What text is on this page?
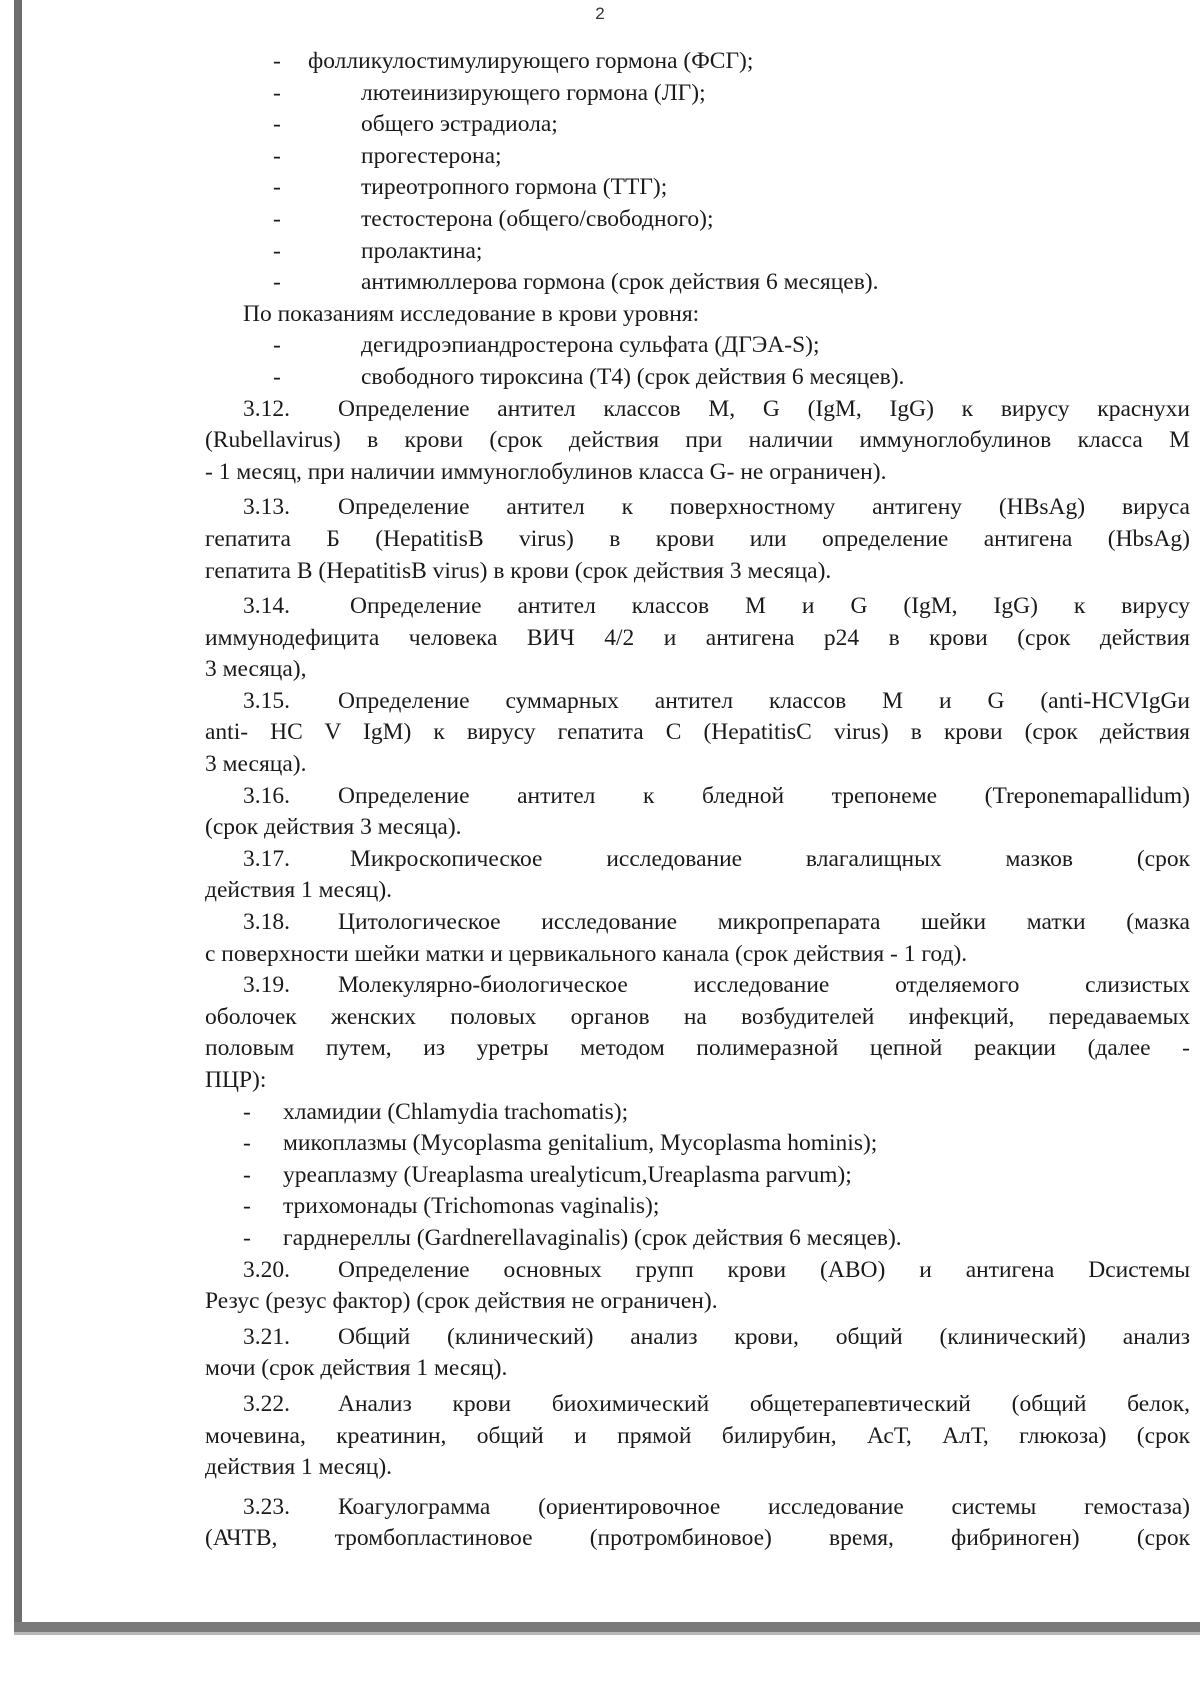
2
- фолликулостимулирующего гормона (ФСГ);
-	лютеинизирующего гормона (ЛГ);
-	общего эстрадиола;
-	прогестерона;
-	тиреотропного гормона (ТТГ);
-	тестостерона (общего/свободного);
-	пролактина;
-	антимюллерова гормона (срок действия 6 месяцев).
По показаниям исследование в крови уровня:
-	дегидроэпиандростерона сульфата (ДГЭА-S);
-	свободного тироксина (Т4) (срок действия 6 месяцев).
3.12. Определение антител классов M, G (IgM, IgG) к вирусу краснухи
(Rubellavirus) в крови (срок действия при наличии иммуноглобулинов класса М
- 1 месяц, при наличии иммуноглобулинов класса G- не ограничен).
3.13. Определение антител к поверхностному антигену (HBsAg) вируса
гепатита Б (HepatitisB virus) в крови или определение антигена (HbsAg)
гепатита В (HepatitisB virus) в крови (срок действия 3 месяца).
3.14.	Определение антител классов М и G (IgM, IgG) к вирусу
иммунодефицита человека ВИЧ 4/2 и антигена р24 в крови (срок действия
3 месяца),
3.15. Определение суммарных антител классов М и G (anti-HCVIgGи
anti- HC V IgM) к вирусу гепатита С (HepatitisC virus) в крови (срок действия
3 месяца).
3.16. Определение антител к бледной трепонеме (Treponemapallidum)
(срок действия 3 месяца).
3.17.	Микроскопическое исследование влагалищных мазков (срок
действия 1 месяц).
3.18. Цитологическое исследование микропрепарата шейки матки (мазка
с поверхности шейки матки и цервикального канала (срок действия - 1 год).
3.19. Молекулярно-биологическое исследование отделяемого слизистых
оболочек женских половых органов на возбудителей инфекций, передаваемых
половым путем, из уретры методом полимеразной цепной реакции (далее -
ПЦР):
- хламидии (Chlamydia trachomatis);
- микоплазмы (Mycoplasma genitalium, Mycoplasma hominis);
- уреаплазму (Ureaplasma urealyticum,Ureaplasma parvum);
- трихомонады (Trichomonas vaginalis);
- гарднереллы (Gardnerellavaginalis) (срок действия 6 месяцев).
3.20. Определение основных групп крови (АВО) и антигена Dсистемы
Резус (резус фактор) (срок действия не ограничен).
3.21. Общий (клинический) анализ крови, общий (клинический) анализ
мочи (срок действия 1 месяц).
3.22. Анализ крови биохимический общетерапевтический (общий белок,
мочевина, креатинин, общий и прямой билирубин, АсТ, АлТ, глюкоза) (срок
действия 1 месяц).
3.23. Коагулограмма (ориентировочное исследование системы гемостаза)
(АЧТВ, тромбопластиновое (протромбиновое) время, фибриноген) (срок
